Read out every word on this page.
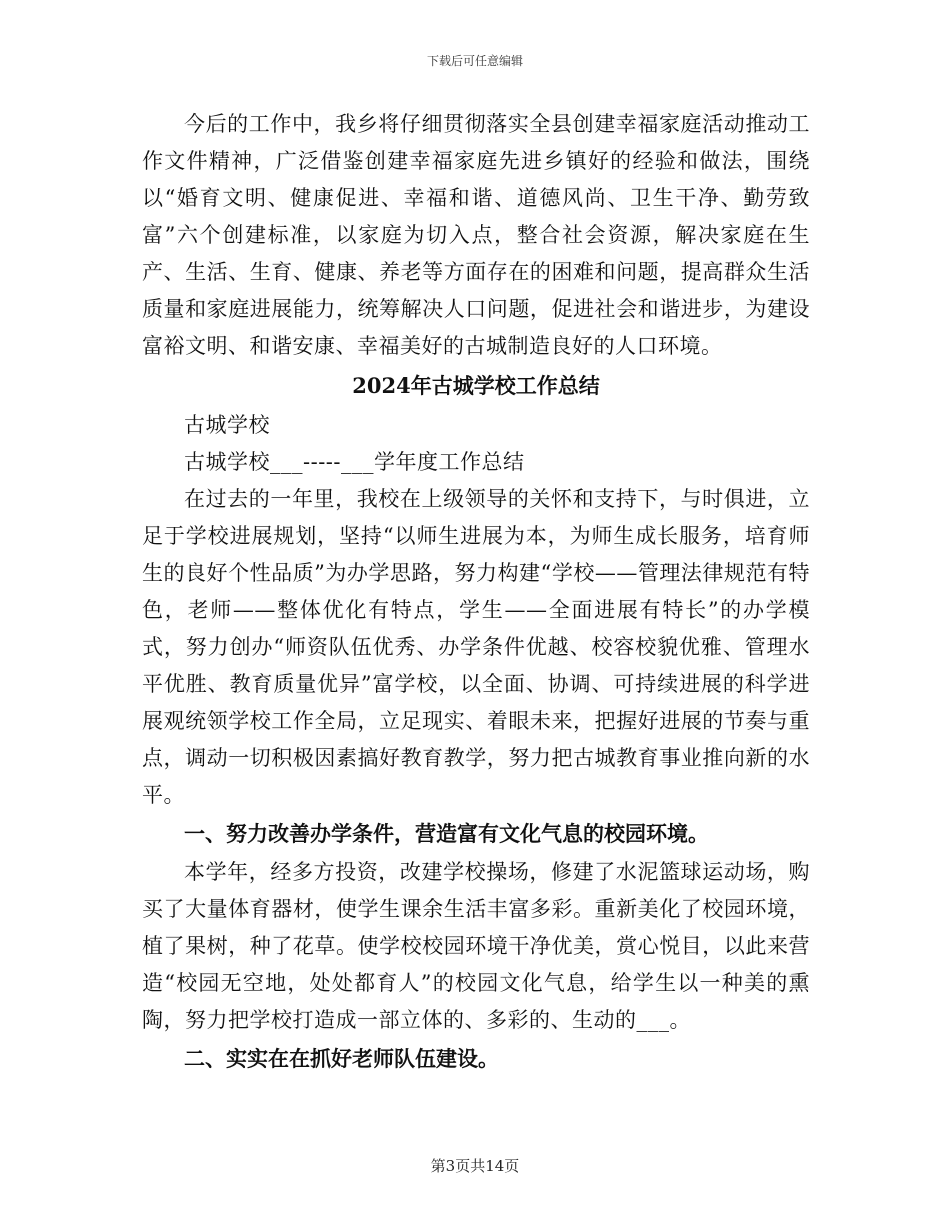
下载后可任意编辑

今后的工作中，我乡将仔细贯彻落实全县创建幸福家庭活动推动工作文件精神，广泛借鉴创建幸福家庭先进乡镇好的经验和做法，围绕以“婚育文明、健康促进、幸福和谐、道德风尚、卫生干净、勤劳致富”六个创建标准，以家庭为切入点，整合社会资源，解决家庭在生产、生活、生育、健康、养老等方面存在的困难和问题，提高群众生活质量和家庭进展能力，统筹解决人口问题，促进社会和谐进步，为建设富裕文明、和谐安康、幸福美好的古城制造良好的人口环境。

2024年古城学校工作总结

古城学校

古城学校___-----___学年度工作总结

在过去的一年里，我校在上级领导的关怀和支持下，与时俱进，立足于学校进展规划，坚持“以师生进展为本，为师生成长服务，培育师生的良好个性品质”为办学思路，努力构建“学校——管理法律规范有特色，老师——整体优化有特点，学生——全面进展有特长”的办学模式，努力创办“师资队伍优秀、办学条件优越、校容校貌优雅、管理水平优胜、教育质量优异”富学校，以全面、协调、可持续进展的科学进展观统领学校工作全局，立足现实、着眼未来，把握好进展的节奏与重点，调动一切积极因素搞好教育教学，努力把古城教育事业推向新的水平。

一、努力改善办学条件，营造富有文化气息的校园环境。

本学年，经多方投资，改建学校操场，修建了水泥篮球运动场，购买了大量体育器材，使学生课余生活丰富多彩。重新美化了校园环境，植了果树，种了花草。使学校校园环境干净优美，赏心悦目，以此来营造“校园无空地，处处都育人”的校园文化气息，给学生以一种美的熏陶，努力把学校打造成一部立体的、多彩的、生动的___。

二、实实在在抓好老师队伍建设。
第3页共14页
